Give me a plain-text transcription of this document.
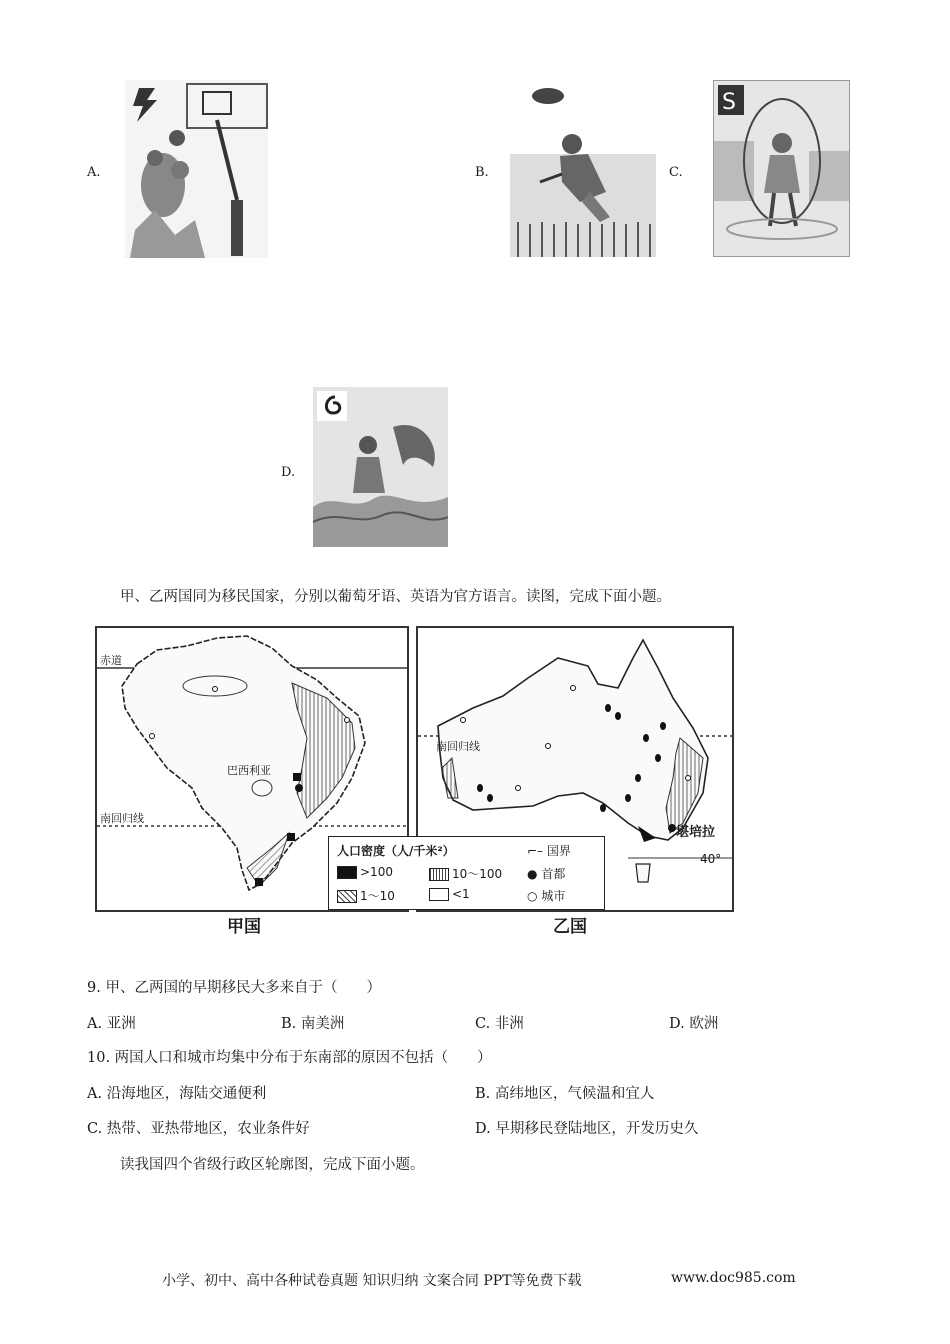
A.	B.	C.
D.
S
甲、乙两国同为移民国家，分别以葡萄牙语、英语为官方语言。读图，完成下面小题。
赤道
巴西利亚
南回归线
甲国
南回归线
堪培拉
40°
乙国
人口密度（人/千米²）
>100	10～100
1～10	<1
⌐– 国界
● 首都
○ 城市
9. 甲、乙两国的早期移民大多来自于（　　）
A. 亚洲	B. 南美洲	C. 非洲	D. 欧洲
10. 两国人口和城市均集中分布于东南部的原因不包括（　　）
A. 沿海地区，海陆交通便利	B. 高纬地区，气候温和宜人
C. 热带、亚热带地区，农业条件好	D. 早期移民登陆地区，开发历史久
读我国四个省级行政区轮廓图，完成下面小题。
小学、初中、高中各种试卷真题 知识归纳 文案合同 PPT等免费下载	www.doc985.com
